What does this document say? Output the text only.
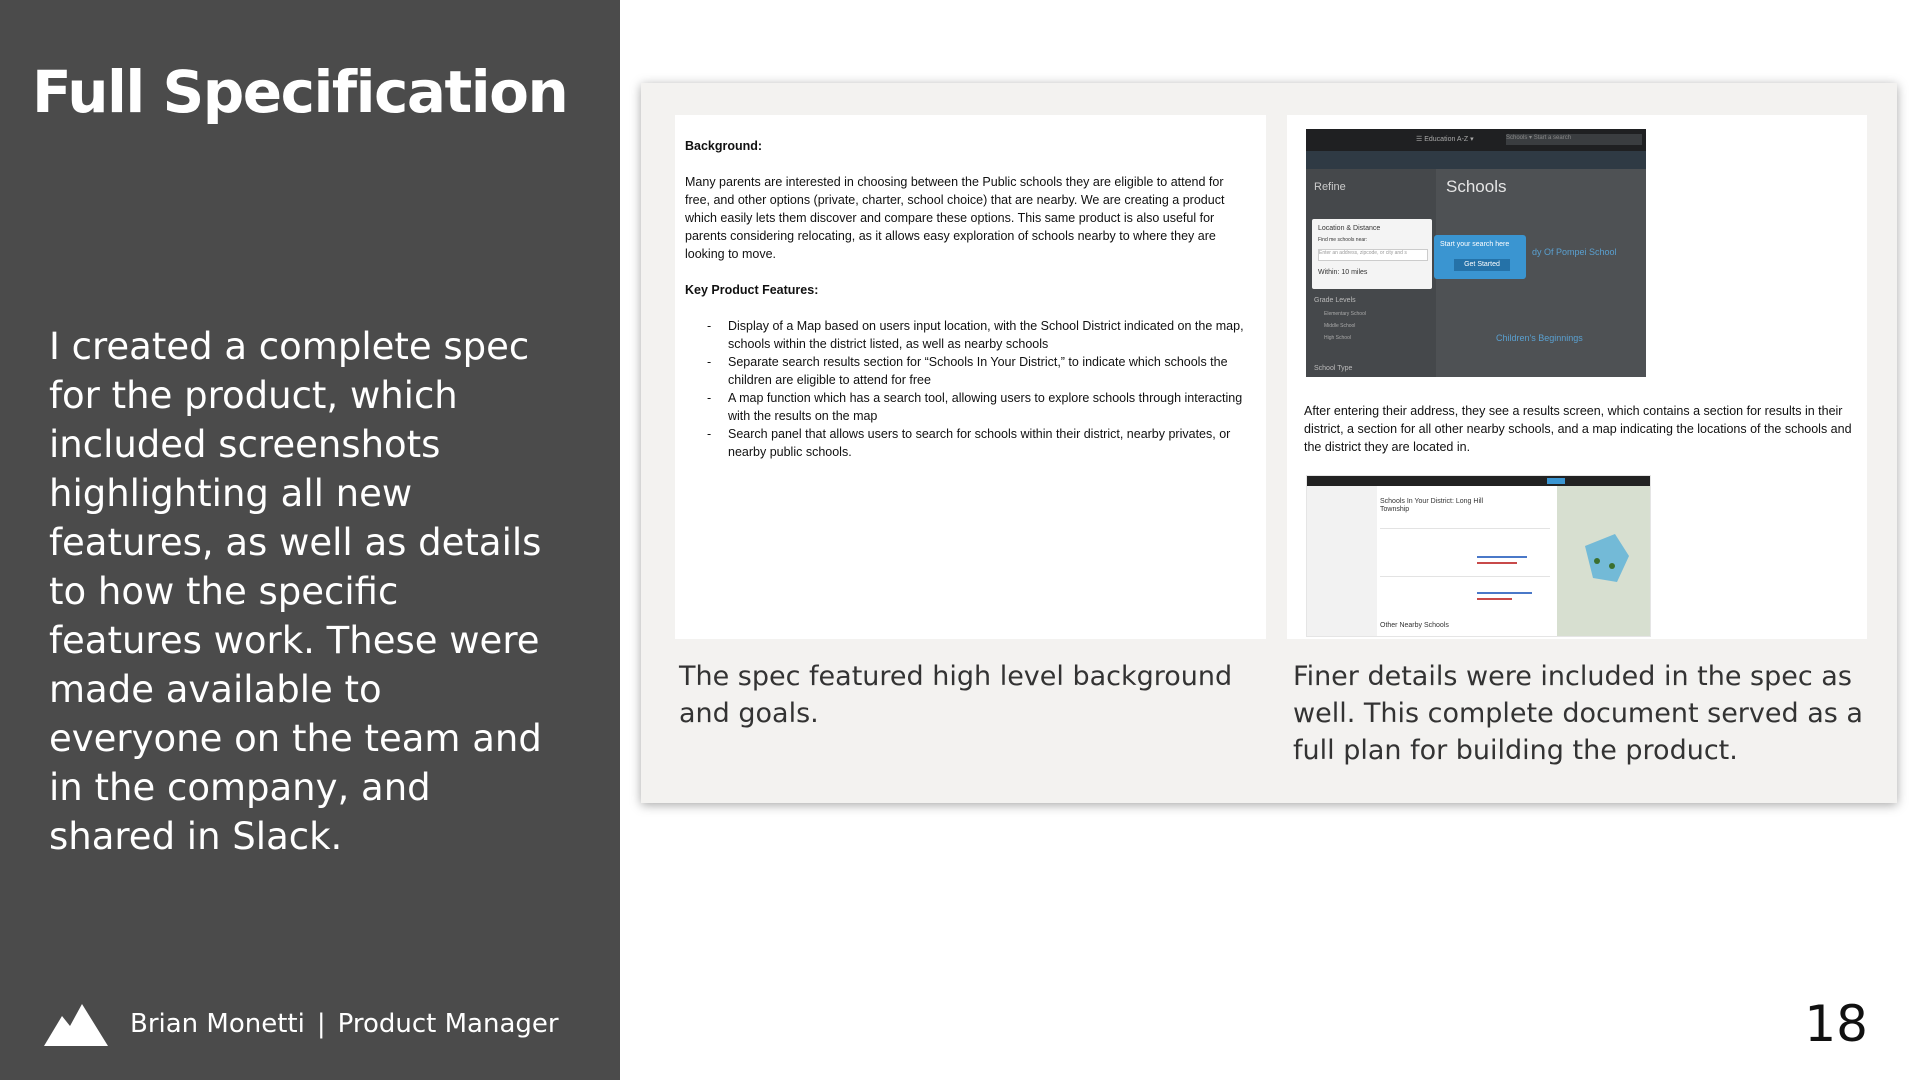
Full Specification
I created a complete spec for the product, which included screenshots highlighting all new features, as well as details to how the specific features work. These were made available to everyone on the team and in the company, and shared in Slack.
Brian Monetti | Product Manager	18
Background:

Many parents are interested in choosing between the Public schools they are eligible to attend for free, and other options (private, charter, school choice) that are nearby. We are creating a product which easily lets them discover and compare these options. This same product is also useful for parents considering relocating, as it allows easy exploration of schools nearby to where they are looking to move.

Key Product Features:
- Display of a Map based on users input location, with the School District indicated on the map, schools within the district listed, as well as nearby schools
- Separate search results section for “Schools In Your District,” to indicate which schools the children are eligible to attend for free
- A map function which has a search tool, allowing users to explore schools through interacting with the results on the map
- Search panel that allows users to search for schools within their district, nearby privates, or nearby public schools.
☰ Education A-Z ▾	Schools ▾ Start a search
Refine
Grade Levels
Elementary School
Middle School
High School
School Type
Schools
Location & Distance
Find me schools near:
Enter an address, zipcode, or city and s
Within: 10 miles
Start your search here
Get Started
dy Of Pompei School
Children's Beginnings
After entering their address, they see a results screen, which contains a section for results in their district, a section for all other nearby schools, and a map indicating the locations of the schools and the district they are located in.
Schools In Your District: Long Hill Township
Other Nearby Schools
The spec featured high level background and goals.
Finer details were included in the spec as well. This complete document served as a full plan for building the product.
